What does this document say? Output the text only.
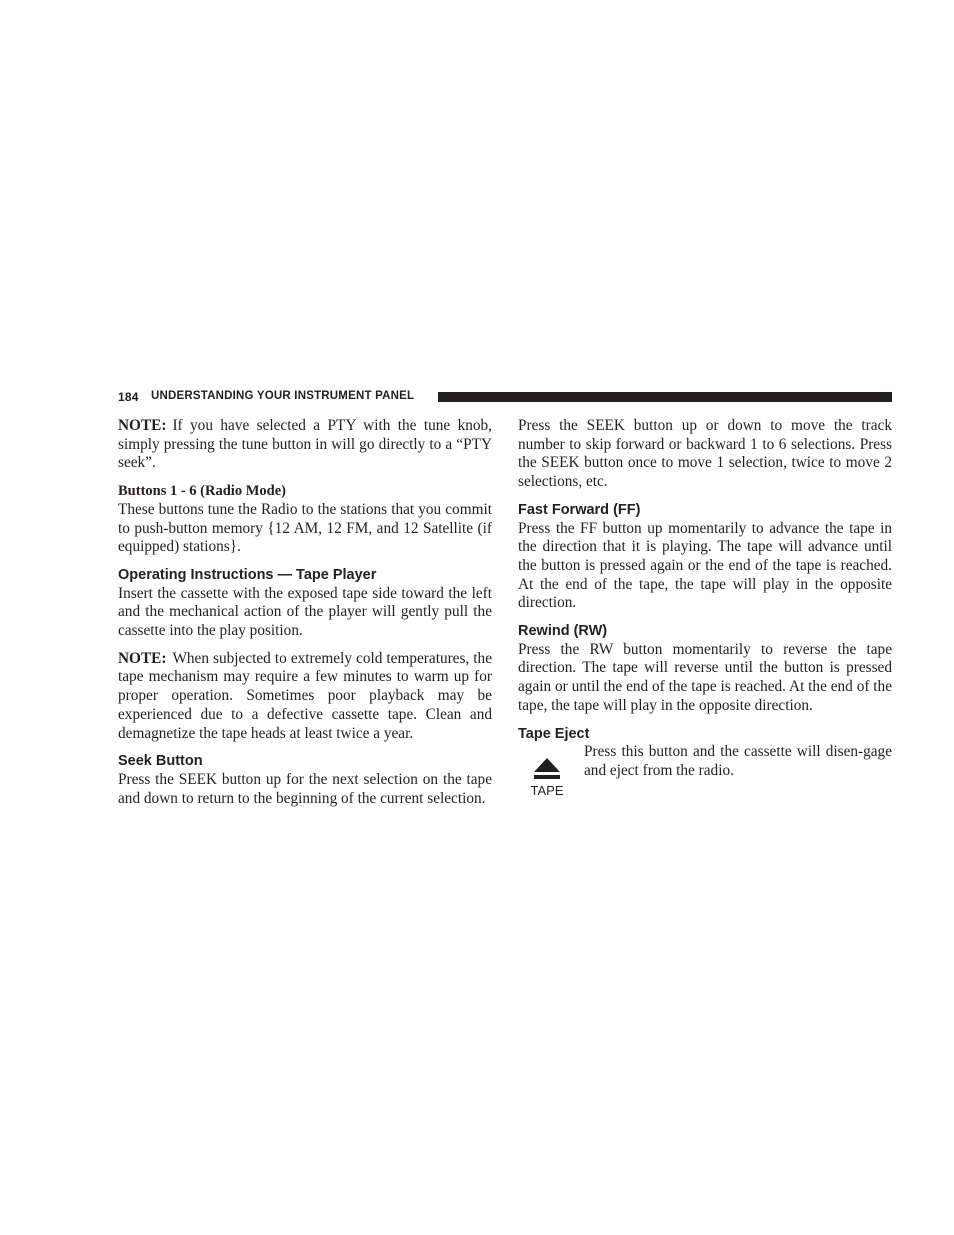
184 UNDERSTANDING YOUR INSTRUMENT PANEL

NOTE: If you have selected a PTY with the tune knob, simply pressing the tune button in will go directly to a “PTY seek”.

Buttons 1 - 6 (Radio Mode)

These buttons tune the Radio to the stations that you commit to push-button memory {12 AM, 12 FM, and 12 Satellite (if equipped) stations}.

Operating Instructions — Tape Player

Insert the cassette with the exposed tape side toward the left and the mechanical action of the player will gently pull the cassette into the play position.

NOTE: When subjected to extremely cold temperatures, the tape mechanism may require a few minutes to warm up for proper operation. Sometimes poor playback may be experienced due to a defective cassette tape. Clean and demagnetize the tape heads at least twice a year.

Seek Button

Press the SEEK button up for the next selection on the tape and down to return to the beginning of the current selection.

Press the SEEK button up or down to move the track number to skip forward or backward 1 to 6 selections. Press the SEEK button once to move 1 selection, twice to move 2 selections, etc.

Fast Forward (FF)

Press the FF button up momentarily to advance the tape in the direction that it is playing. The tape will advance until the button is pressed again or the end of the tape is reached. At the end of the tape, the tape will play in the opposite direction.

Rewind (RW)

Press the RW button momentarily to reverse the tape direction. The tape will reverse until the button is pressed again or until the end of the tape is reached. At the end of the tape, the tape will play in the opposite direction.

Tape Eject
TAPE

Press this button and the cassette will disen-gage and eject from the radio.
